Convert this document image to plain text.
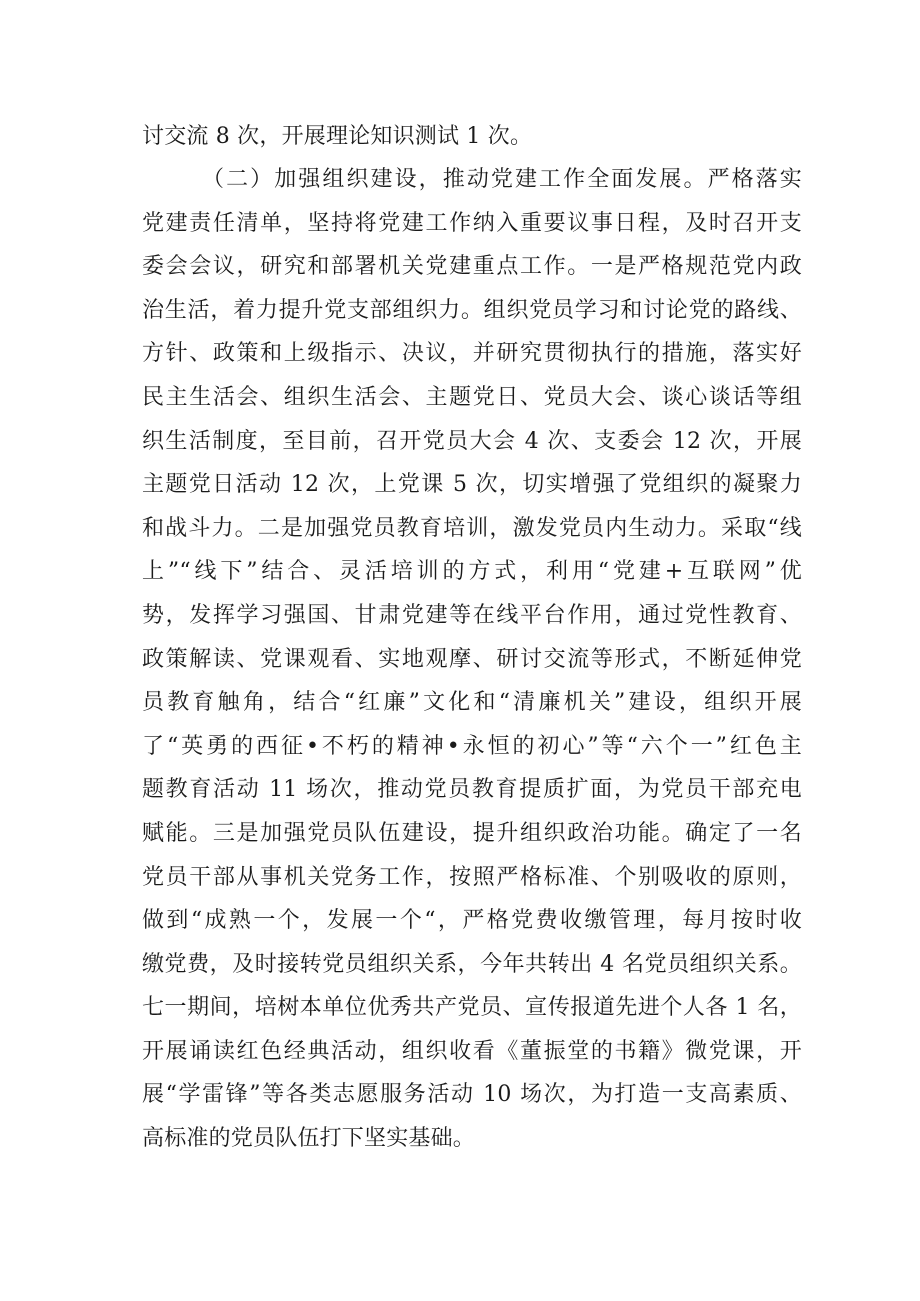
讨交流 8 次，开展理论知识测试 1 次。
（二）加强组织建设，推动党建工作全面发展。严格落实
党建责任清单，坚持将党建工作纳入重要议事日程，及时召开支
委会会议，研究和部署机关党建重点工作。一是严格规范党内政
治生活，着力提升党支部组织力。组织党员学习和讨论党的路线、
方针、政策和上级指示、决议，并研究贯彻执行的措施，落实好
民主生活会、组织生活会、主题党日、党员大会、谈心谈话等组
织生活制度，至目前，召开党员大会 4 次、支委会 12 次，开展
主题党日活动 12 次，上党课 5 次，切实增强了党组织的凝聚力
和战斗力。二是加强党员教育培训，激发党员内生动力。采取“线
上”“线下”结合、灵活培训的方式，利用“党建+互联网”优
势，发挥学习强国、甘肃党建等在线平台作用，通过党性教育、
政策解读、党课观看、实地观摩、研讨交流等形式，不断延伸党
员教育触角，结合“红廉”文化和“清廉机关”建设，组织开展
了“英勇的西征•不朽的精神•永恒的初心”等“六个一”红色主
题教育活动 11 场次，推动党员教育提质扩面，为党员干部充电
赋能。三是加强党员队伍建设，提升组织政治功能。确定了一名
党员干部从事机关党务工作，按照严格标准、个别吸收的原则，
做到“成熟一个，发展一个“，严格党费收缴管理，每月按时收
缴党费，及时接转党员组织关系，今年共转出 4 名党员组织关系。
七一期间，培树本单位优秀共产党员、宣传报道先进个人各 1 名，
开展诵读红色经典活动，组织收看《董振堂的书籍》微党课，开
展“学雷锋”等各类志愿服务活动 10 场次，为打造一支高素质、
高标准的党员队伍打下坚实基础。
